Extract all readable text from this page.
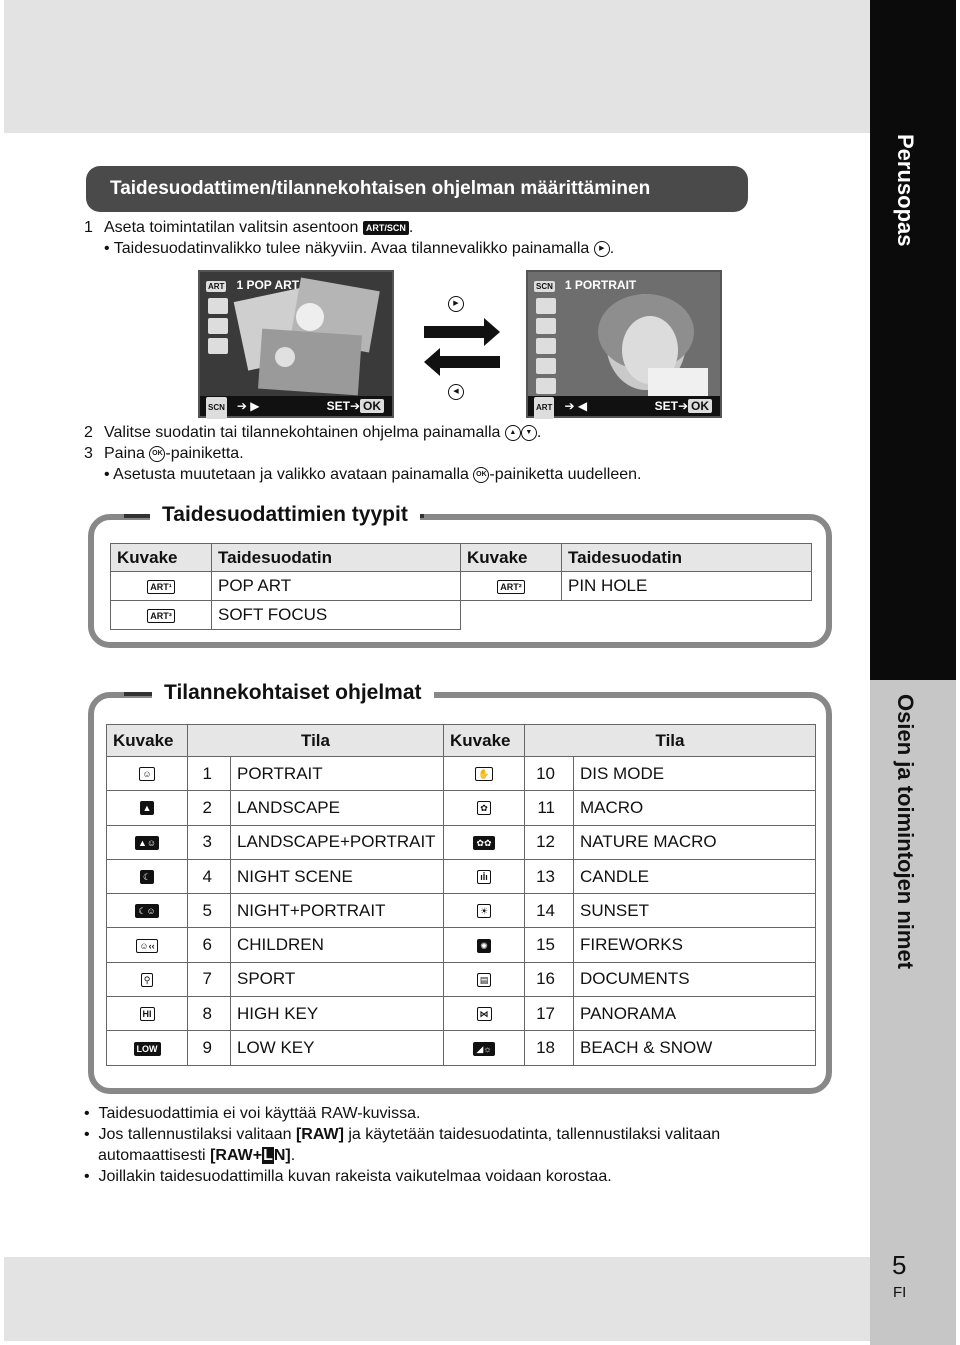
Perusopas
Osien ja toimintojen nimet
5
FI
Taidesuodattimen/tilannekohtaisen ohjelman määrittäminen
1 Aseta toimintatilan valitsin asentoon ART/SCN .
• Taidesuodatinvalikko tulee näkyviin. Avaa tilannevalikko painamalla ▶ .
ART 1 POP ART
SCN ➔ ▶	SET➔ OK
▶
◀
SCN 1 PORTRAIT
ART ➔ ◀	SET➔ OK
2 Valitse suodatin tai tilannekohtainen ohjelma painamalla ▲ ▼ .
3 Paina OK -painiketta.
• Asetusta muutetaan ja valikko avataan painamalla OK -painiketta uudelleen.
Taidesuodattimien tyypit
Kuvake	Taidesuodatin	Kuvake	Taidesuodatin
ART¹	POP ART	ART²	PIN HOLE
ART³	SOFT FOCUS		
Tilannekohtaiset ohjelmat
Kuvake	Tila		Kuvake	Tila	
☺	1	PORTRAIT	✋	10	DIS MODE
▲	2	LANDSCAPE	✿	11	MACRO
▲☺	3	LANDSCAPE+PORTRAIT	✿✿	12	NATURE MACRO
☾	4	NIGHT SCENE	ıİı	13	CANDLE
☾☺	5	NIGHT+PORTRAIT	☀	14	SUNSET
☺‹‹	6	CHILDREN	✺	15	FIREWORKS
⚲	7	SPORT	▤	16	DOCUMENTS
HI	8	HIGH KEY	⋈	17	PANORAMA
LOW	9	LOW KEY	◢☼	18	BEACH & SNOW
•  Taidesuodattimia ei voi käyttää RAW-kuvissa.
•  Jos tallennustilaksi valitaan [RAW] ja käytetään taidesuodatinta, tallennustilaksi valitaan
automaattisesti [RAW+LN].
•  Joillakin taidesuodattimilla kuvan rakeista vaikutelmaa voidaan korostaa.
